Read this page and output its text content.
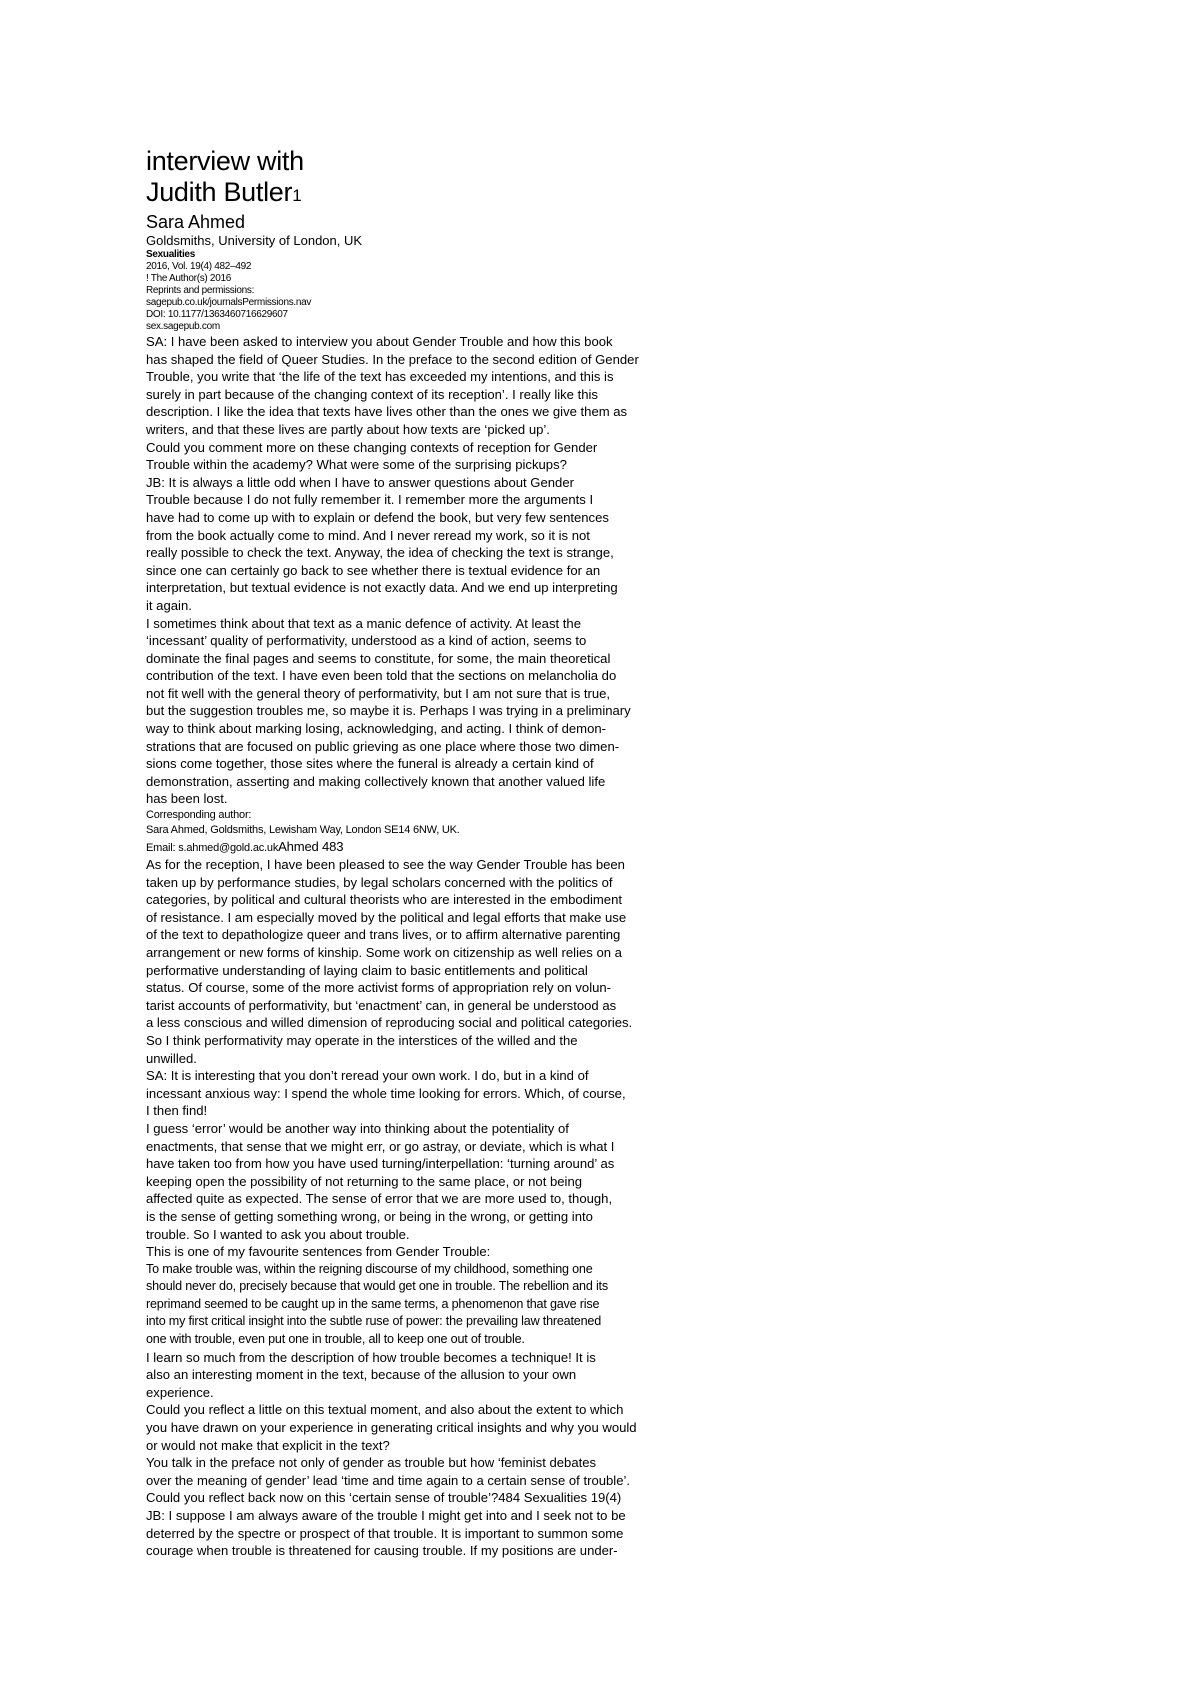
interview with
Judith Butler1

Sara Ahmed

Goldsmiths, University of London, UK

Sexualities

2016, Vol. 19(4) 482–492

! The Author(s) 2016

Reprints and permissions:

sagepub.co.uk/journalsPermissions.nav

DOI: 10.1177/1363460716629607

sex.sagepub.com

SA: I have been asked to interview you about Gender Trouble and how this book
has shaped the field of Queer Studies. In the preface to the second edition of Gender
Trouble, you write that ‘the life of the text has exceeded my intentions, and this is
surely in part because of the changing context of its reception’. I really like this
description. I like the idea that texts have lives other than the ones we give them as
writers, and that these lives are partly about how texts are ‘picked up’.

Could you comment more on these changing contexts of reception for Gender
Trouble within the academy? What were some of the surprising pickups?

JB: It is always a little odd when I have to answer questions about Gender
Trouble because I do not fully remember it. I remember more the arguments I
have had to come up with to explain or defend the book, but very few sentences
from the book actually come to mind. And I never reread my work, so it is not
really possible to check the text. Anyway, the idea of checking the text is strange,
since one can certainly go back to see whether there is textual evidence for an
interpretation, but textual evidence is not exactly data. And we end up interpreting
it again.

I sometimes think about that text as a manic defence of activity. At least the
‘incessant’ quality of performativity, understood as a kind of action, seems to
dominate the final pages and seems to constitute, for some, the main theoretical
contribution of the text. I have even been told that the sections on melancholia do
not fit well with the general theory of performativity, but I am not sure that is true,
but the suggestion troubles me, so maybe it is. Perhaps I was trying in a preliminary
way to think about marking losing, acknowledging, and acting. I think of demon-
strations that are focused on public grieving as one place where those two dimen-
sions come together, those sites where the funeral is already a certain kind of
demonstration, asserting and making collectively known that another valued life
has been lost.

Corresponding author:

Sara Ahmed, Goldsmiths, Lewisham Way, London SE14 6NW, UK.

Email: s.ahmed@gold.ac.ukAhmed 483

As for the reception, I have been pleased to see the way Gender Trouble has been
taken up by performance studies, by legal scholars concerned with the politics of
categories, by political and cultural theorists who are interested in the embodiment
of resistance. I am especially moved by the political and legal efforts that make use
of the text to depathologize queer and trans lives, or to affirm alternative parenting
arrangement or new forms of kinship. Some work on citizenship as well relies on a
performative understanding of laying claim to basic entitlements and political
status. Of course, some of the more activist forms of appropriation rely on volun-
tarist accounts of performativity, but ‘enactment’ can, in general be understood as
a less conscious and willed dimension of reproducing social and political categories.
So I think performativity may operate in the interstices of the willed and the
unwilled.

SA: It is interesting that you don’t reread your own work. I do, but in a kind of
incessant anxious way: I spend the whole time looking for errors. Which, of course,
I then find!

I guess ‘error’ would be another way into thinking about the potentiality of
enactments, that sense that we might err, or go astray, or deviate, which is what I
have taken too from how you have used turning/interpellation: ‘turning around’ as
keeping open the possibility of not returning to the same place, or not being
affected quite as expected. The sense of error that we are more used to, though,
is the sense of getting something wrong, or being in the wrong, or getting into
trouble. So I wanted to ask you about trouble.

This is one of my favourite sentences from Gender Trouble:

To make trouble was, within the reigning discourse of my childhood, something one
should never do, precisely because that would get one in trouble. The rebellion and its
reprimand seemed to be caught up in the same terms, a phenomenon that gave rise
into my first critical insight into the subtle ruse of power: the prevailing law threatened
one with trouble, even put one in trouble, all to keep one out of trouble.

I learn so much from the description of how trouble becomes a technique! It is
also an interesting moment in the text, because of the allusion to your own
experience.

Could you reflect a little on this textual moment, and also about the extent to which
you have drawn on your experience in generating critical insights and why you would
or would not make that explicit in the text?

You talk in the preface not only of gender as trouble but how ‘feminist debates
over the meaning of gender’ lead ‘time and time again to a certain sense of trouble’.
Could you reflect back now on this ‘certain sense of trouble’?484 Sexualities 19(4)

JB: I suppose I am always aware of the trouble I might get into and I seek not to be
deterred by the spectre or prospect of that trouble. It is important to summon some
courage when trouble is threatened for causing trouble. If my positions are under-
